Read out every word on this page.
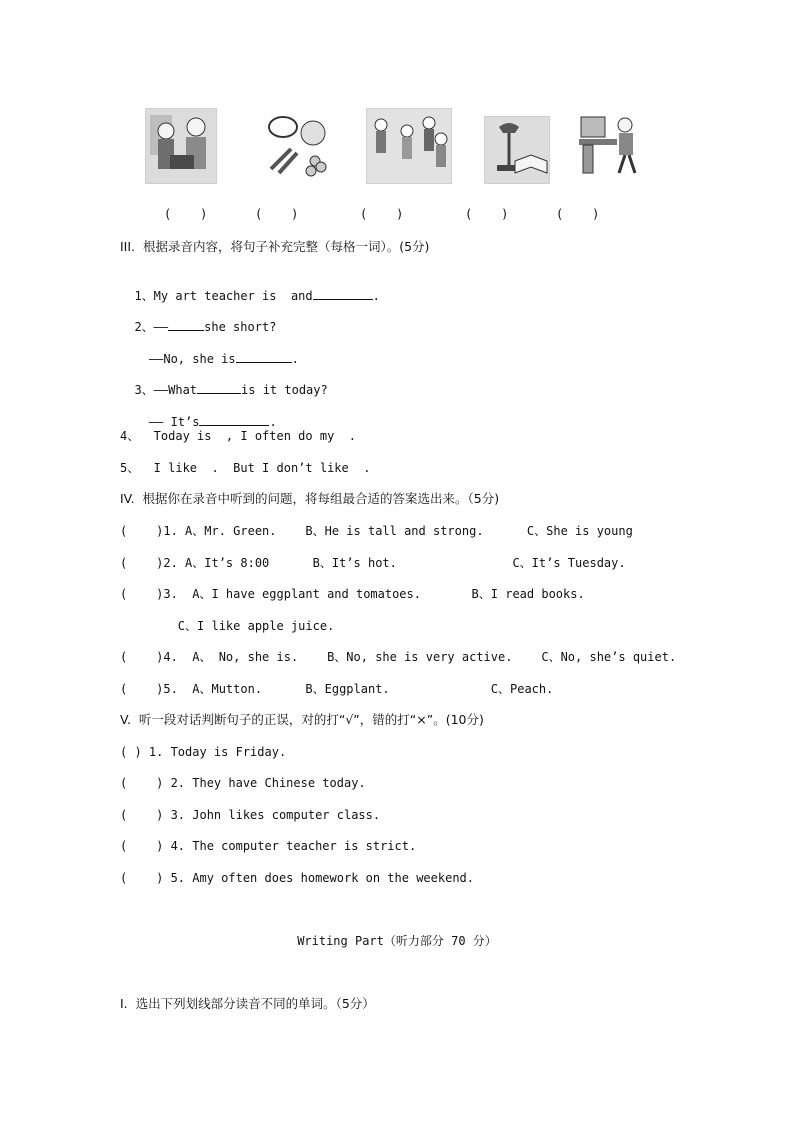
(    )	(    )	(    )	(    )	(    )
III.  根据录音内容，将句子补充完整（每格一词）。(5分)

1、My art teacher is  and	.

2、——	she short?

——No, she is	.

3、——What	is it today?

—— It’s	.

4、  Today is  , I often do my  .
5、  I like  .  But I don’t like  .
IV.  根据你在录音中听到的问题，将每组最合适的答案选出来。（5分)
(    )1. A、Mr. Green.    B、He is tall and strong.      C、She is young
(    )2. A、It’s 8:00      B、It’s hot.                C、It’s Tuesday.
(    )3.  A、I have eggplant and tomatoes.       B、I read books.
C、I like apple juice.
(    )4.  A、 No, she is.    B、No, she is very active.    C、No, she’s quiet.
(    )5.  A、Mutton.      B、Eggplant.              C、Peach.
V.  听一段对话判断句子的正误，对的打“√”，错的打“×”。(10分)
( ) 1. Today is Friday.
(    ) 2. They have Chinese today.
(    ) 3. John likes computer class.
(    ) 4. The computer teacher is strict.
(    ) 5. Amy often does homework on the weekend.
Writing Part（听力部分 70 分）
I.  选出下列划线部分读音不同的单词。（5分）
